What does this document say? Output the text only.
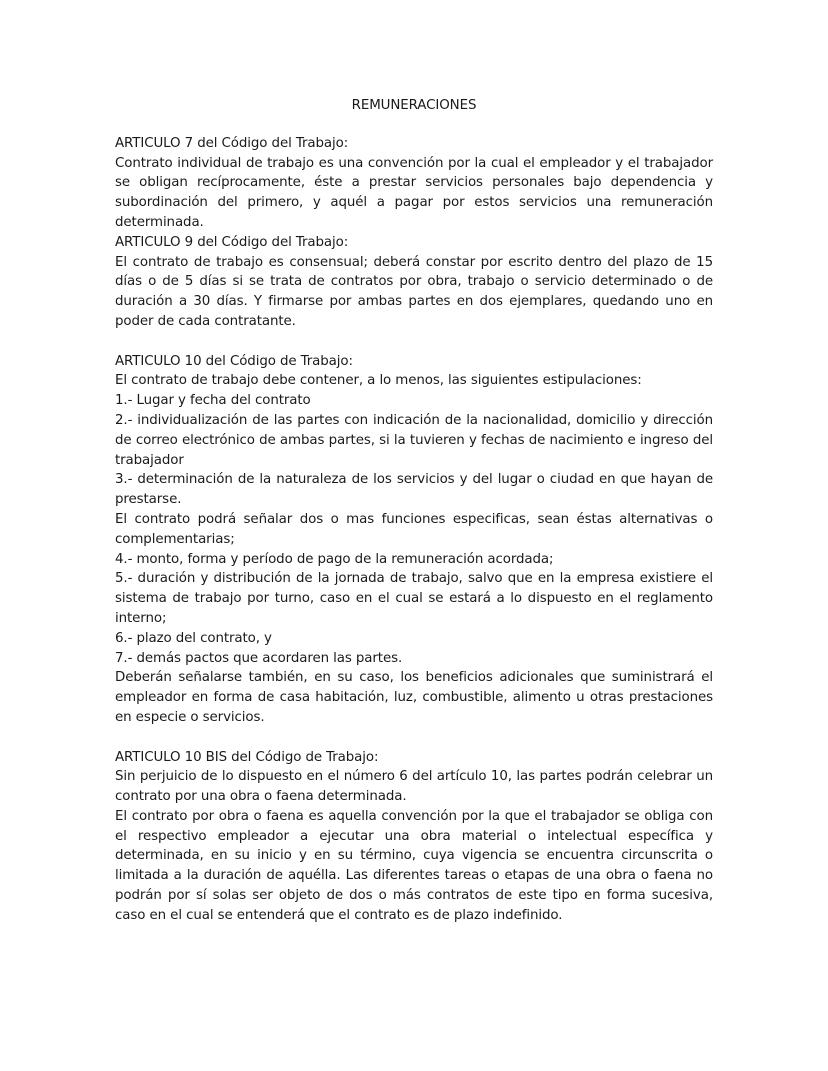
REMUNERACIONES

ARTICULO 7 del Código del Trabajo:

Contrato individual de trabajo es una convención por la cual el empleador y el trabajador se obligan recíprocamente, éste a prestar servicios personales bajo dependencia y subordinación del primero, y aquél a pagar por estos servicios una remuneración determinada.

ARTICULO 9 del Código del Trabajo:

El contrato de trabajo es consensual; deberá constar por escrito dentro del plazo de 15 días o de 5 días si se trata de contratos por obra, trabajo o servicio determinado o de duración a 30 días. Y firmarse por ambas partes en dos ejemplares, quedando uno en poder de cada contratante.

ARTICULO 10 del Código de Trabajo:

El contrato de trabajo debe contener, a lo menos, las siguientes estipulaciones:

1.- Lugar y fecha del contrato

2.- individualización de las partes con indicación de la nacionalidad, domicilio y dirección de correo electrónico de ambas partes, si la tuvieren y fechas de nacimiento e ingreso del trabajador

3.- determinación de la naturaleza de los servicios y del lugar o ciudad en que hayan de prestarse.

El contrato podrá señalar dos o mas funciones especificas, sean éstas alternativas o complementarias;

4.- monto, forma y período de pago de la remuneración acordada;

5.- duración y distribución de la jornada de trabajo, salvo que en la empresa existiere el sistema de trabajo por turno, caso en el cual se estará a lo dispuesto en el reglamento interno;

6.- plazo del contrato, y

7.- demás pactos que acordaren las partes.

Deberán señalarse también, en su caso, los beneficios adicionales que suministrará el empleador en forma de casa habitación, luz, combustible, alimento u otras prestaciones en especie o servicios.

ARTICULO 10 BIS del Código de Trabajo:

Sin perjuicio de lo dispuesto en el número 6 del artículo 10, las partes podrán celebrar un contrato por una obra o faena determinada.

El contrato por obra o faena es aquella convención por la que el trabajador se obliga con el respectivo empleador a ejecutar una obra material o intelectual específica y determinada, en su inicio y en su término, cuya vigencia se encuentra circunscrita o limitada a la duración de aquélla. Las diferentes tareas o etapas de una obra o faena no podrán por sí solas ser objeto de dos o más contratos de este tipo en forma sucesiva, caso en el cual se entenderá que el contrato es de plazo indefinido.
